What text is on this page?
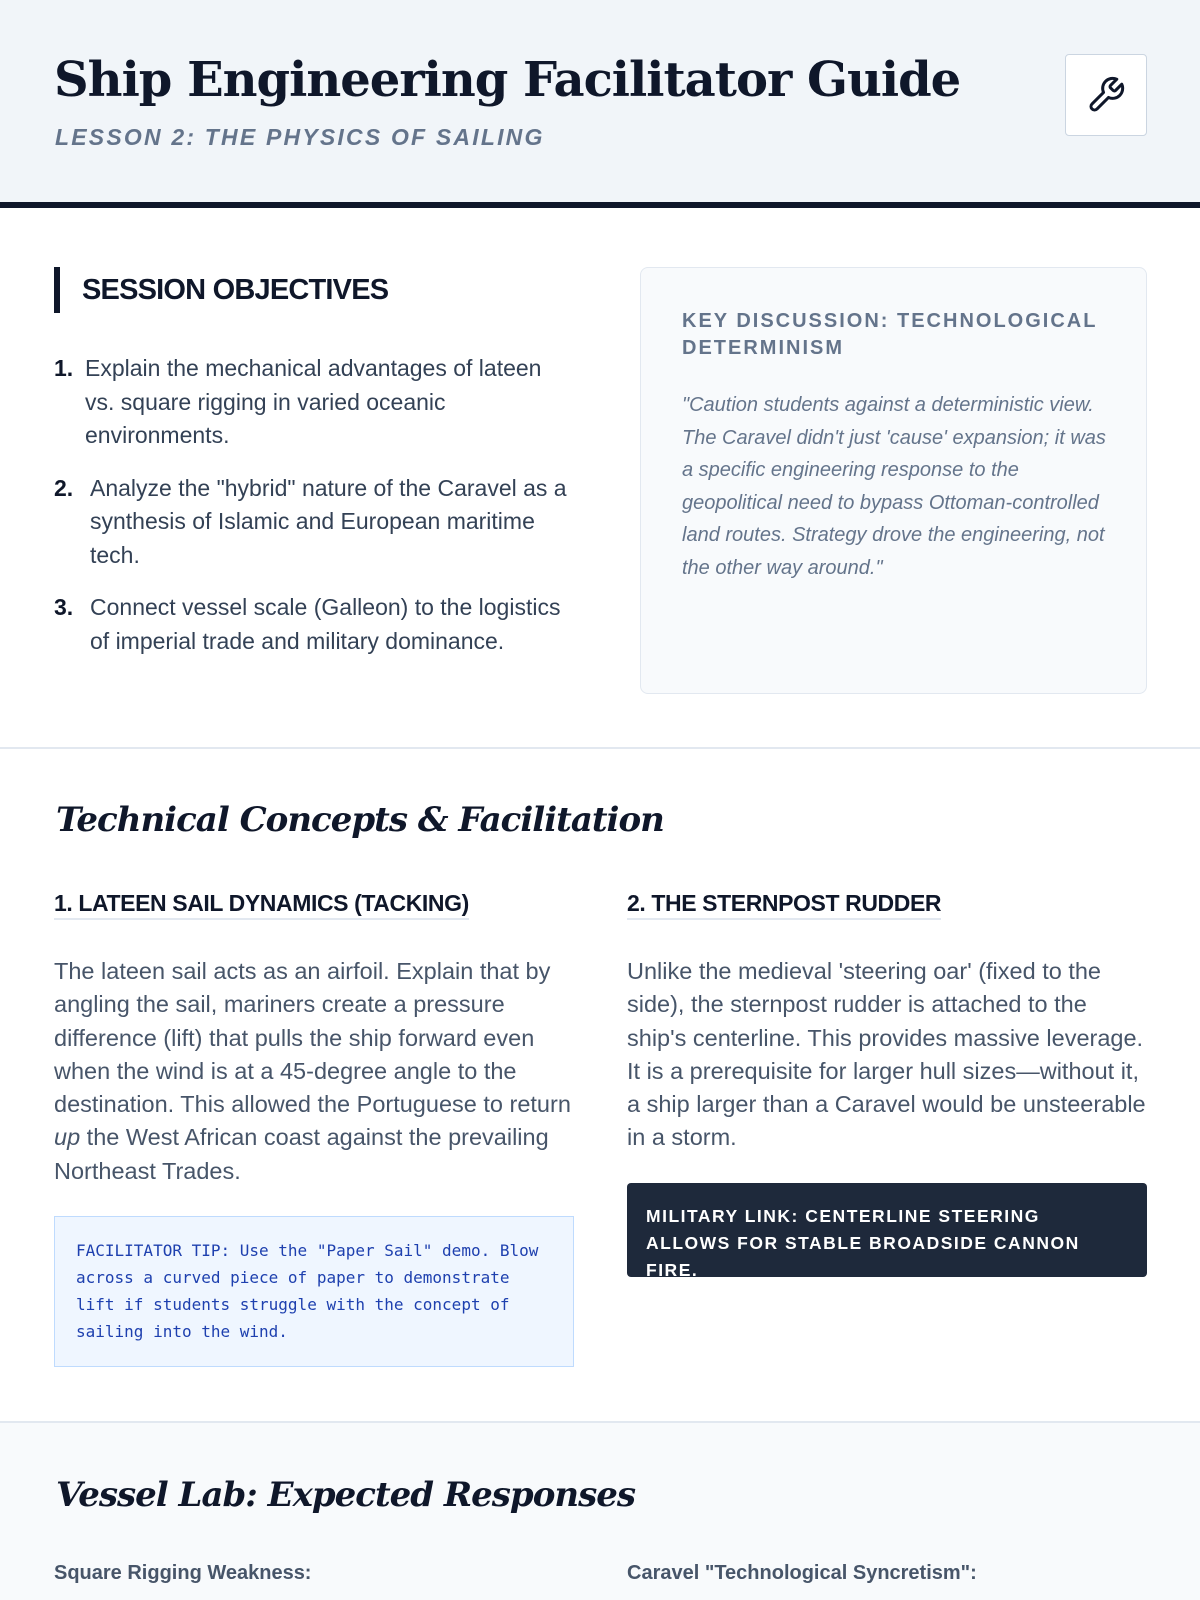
Ship Engineering Facilitator Guide
LESSON 2: THE PHYSICS OF SAILING
SESSION OBJECTIVES
1. Explain the mechanical advantages of lateen vs. square rigging in varied oceanic environments.
2. Analyze the "hybrid" nature of the Caravel as a synthesis of Islamic and European maritime tech.
3. Connect vessel scale (Galleon) to the logistics of imperial trade and military dominance.
KEY DISCUSSION: TECHNOLOGICAL DETERMINISM
"Caution students against a deterministic view. The Caravel didn't just 'cause' expansion; it was a specific engineering response to the geopolitical need to bypass Ottoman-controlled land routes. Strategy drove the engineering, not the other way around."
Technical Concepts & Facilitation
1. LATEEN SAIL DYNAMICS (TACKING)
The lateen sail acts as an airfoil. Explain that by angling the sail, mariners create a pressure difference (lift) that pulls the ship forward even when the wind is at a 45-degree angle to the destination. This allowed the Portuguese to return up the West African coast against the prevailing Northeast Trades.
FACILITATOR TIP: Use the "Paper Sail" demo. Blow across a curved piece of paper to demonstrate lift if students struggle with the concept of sailing into the wind.
2. THE STERNPOST RUDDER
Unlike the medieval 'steering oar' (fixed to the side), the sternpost rudder is attached to the ship's centerline. This provides massive leverage. It is a prerequisite for larger hull sizes—without it, a ship larger than a Caravel would be unsteerable in a storm.
MILITARY LINK: CENTERLINE STEERING ALLOWS FOR STABLE BROADSIDE CANNON FIRE.
Vessel Lab: Expected Responses
Square Rigging Weakness:	Caravel "Technological Syncretism":
